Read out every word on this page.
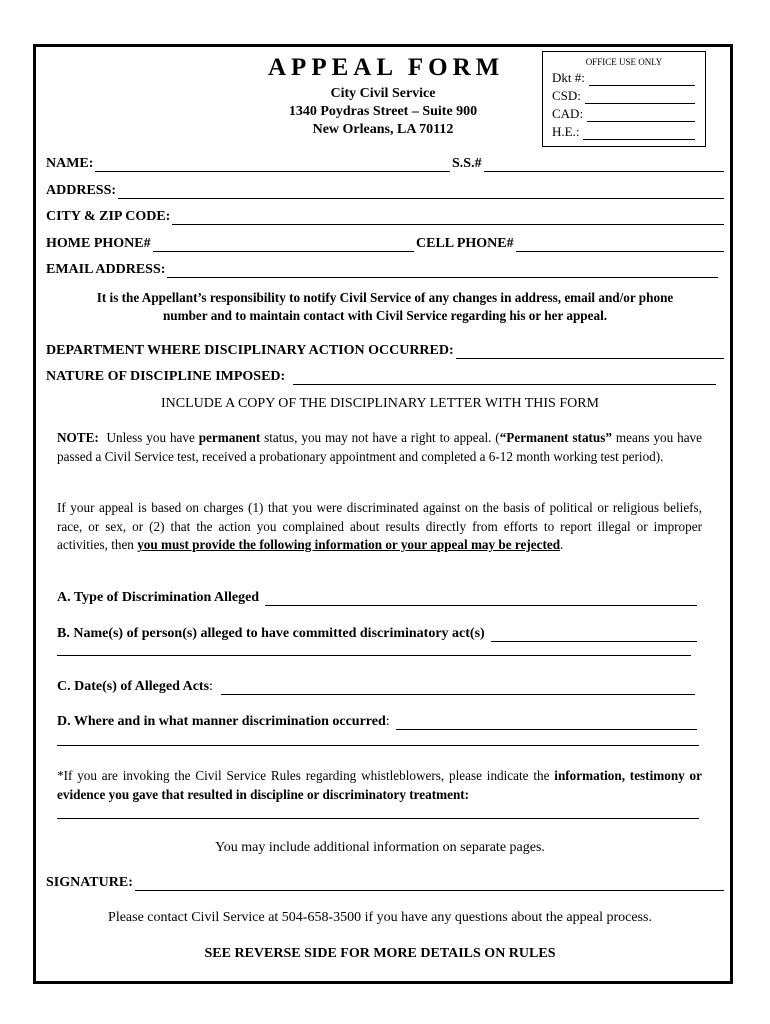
APPEAL FORM
City Civil Service
1340 Poydras Street – Suite 900
New Orleans, LA 70112
OFFICE USE ONLY
Dkt #:
CSD:
CAD:
H.E.:
NAME:	S.S.#
ADDRESS:
CITY & ZIP CODE:
HOME PHONE#	CELL PHONE#
EMAIL ADDRESS:
It is the Appellant’s responsibility to notify Civil Service of any changes in address, email and/or phone
number and to maintain contact with Civil Service regarding his or her appeal.
DEPARTMENT WHERE DISCIPLINARY ACTION OCCURRED:
NATURE OF DISCIPLINE IMPOSED:
INCLUDE A COPY OF THE DISCIPLINARY LETTER WITH THIS FORM
NOTE: Unless you have permanent status, you may not have a right to appeal. (“Permanent status” means you have passed a Civil Service test, received a probationary appointment and completed a 6-12 month working test period).
If your appeal is based on charges (1) that you were discriminated against on the basis of political or religious beliefs, race, or sex, or (2) that the action you complained about results directly from efforts to report illegal or improper activities, then you must provide the following information or your appeal may be rejected.
A. Type of Discrimination Alleged
B. Name(s) of person(s) alleged to have committed discriminatory act(s)
C. Date(s) of Alleged Acts :
D. Where and in what manner discrimination occurred :
*If you are invoking the Civil Service Rules regarding whistleblowers, please indicate the information, testimony or evidence you gave that resulted in discipline or discriminatory treatment:
You may include additional information on separate pages.
SIGNATURE:
Please contact Civil Service at 504-658-3500 if you have any questions about the appeal process.
SEE REVERSE SIDE FOR MORE DETAILS ON RULES
